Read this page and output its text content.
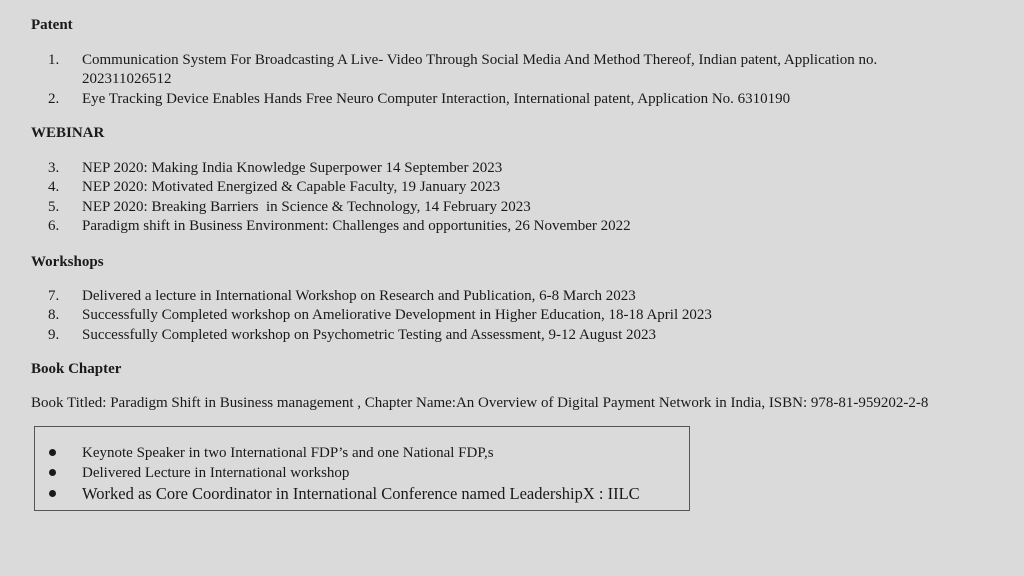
Patent
1.	Communication System For Broadcasting A Live- Video Through Social Media And Method Thereof, Indian patent, Application no. 202311026512
2.	Eye Tracking Device Enables Hands Free Neuro Computer Interaction, International patent, Application No. 6310190
WEBINAR
3.	NEP 2020: Making India Knowledge Superpower 14 September 2023
4.	NEP 2020: Motivated Energized & Capable Faculty, 19 January 2023
5.	NEP 2020: Breaking Barriers  in Science & Technology, 14 February 2023
6.	Paradigm shift in Business Environment: Challenges and opportunities, 26 November 2022
Workshops
7.	Delivered a lecture in International Workshop on Research and Publication, 6-8 March 2023
8.	Successfully Completed workshop on Ameliorative Development in Higher Education, 18-18 April 2023
9.	Successfully Completed workshop on Psychometric Testing and Assessment, 9-12 August 2023
Book Chapter

Book Titled: Paradigm Shift in Business management , Chapter Name:An Overview of Digital Payment Network in India, ISBN: 978-81-959202-2-8

Keynote Speaker in two International FDP’s and one National FDP,s
Delivered Lecture in International workshop
Worked as Core Coordinator in International Conference named LeadershipX : IILC
